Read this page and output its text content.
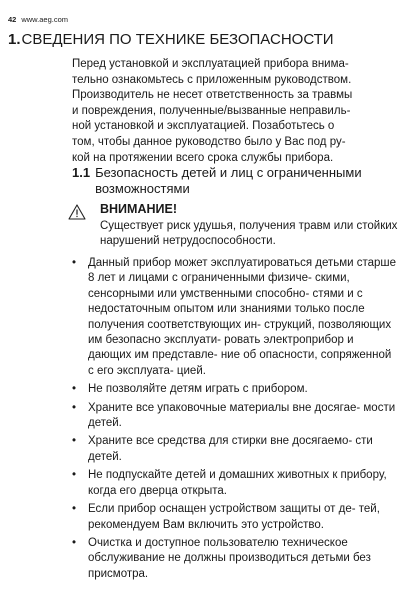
42 www.aeg.com
1. СВЕДЕНИЯ ПО ТЕХНИКЕ БЕЗОПАСНОСТИ

Перед установкой и эксплуатацией прибора внима-

тельно ознакомьтесь с приложенным руководством.

Производитель не несет ответственность за травмы

и повреждения, полученные/вызванные неправиль-

ной установкой и эксплуатацией. Позаботьтесь о

том, чтобы данное руководство было у Вас под ру-

кой на протяжении всего срока службы прибора.

1.1 Безопасность детей и лиц с ограниченными возможностями
ВНИМАНИЕ!
Существует риск удушья, получения травм или стойких нарушений нетрудоспособности.
•	Данный прибор может эксплуатироваться детьми старше 8 лет и лицами с ограниченными физиче- скими, сенсорными или умственными способно- стями и с недостаточным опытом или знаниями только после получения соответствующих ин- струкций, позволяющих им безопасно эксплуати- ровать электроприбор и дающих им представле- ние об опасности, сопряженной с его эксплуата- цией.
•	Не позволяйте детям играть с прибором.
•	Храните все упаковочные материалы вне досягае- мости детей.
•	Храните все средства для стирки вне досягаемо- сти детей.
•	Не подпускайте детей и домашних животных к прибору, когда его дверца открыта.
•	Если прибор оснащен устройством защиты от де- тей, рекомендуем Вам включить это устройство.
•	Очистка и доступное пользователю техническое обслуживание не должны производиться детьми без присмотра.
